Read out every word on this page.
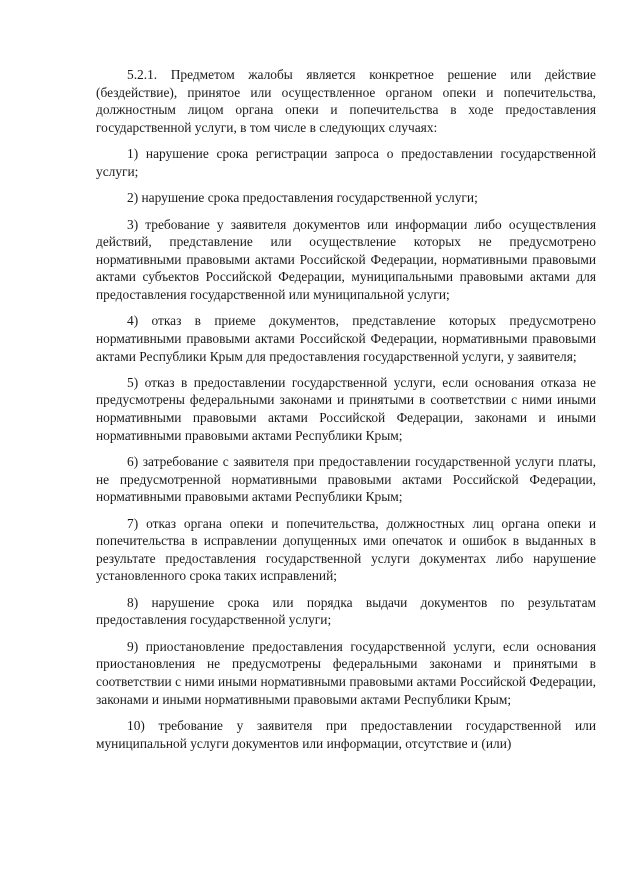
5.2.1. Предметом жалобы является конкретное решение или действие (бездействие), принятое или осуществленное органом опеки и попечительства, должностным лицом органа опеки и попечительства в ходе предоставления государственной услуги, в том числе в следующих случаях:

1) нарушение срока регистрации запроса о предоставлении государственной услуги;

2) нарушение срока предоставления государственной услуги;

3) требование у заявителя документов или информации либо осуществления действий, представление или осуществление которых не предусмотрено нормативными правовыми актами Российской Федерации, нормативными правовыми актами субъектов Российской Федерации, муниципальными правовыми актами для предоставления государственной или муниципальной услуги;

4) отказ в приеме документов, представление которых предусмотрено нормативными правовыми актами Российской Федерации, нормативными правовыми актами Республики Крым для предоставления государственной услуги, у заявителя;

5) отказ в предоставлении государственной услуги, если основания отказа не предусмотрены федеральными законами и принятыми в соответствии с ними иными нормативными правовыми актами Российской Федерации, законами и иными нормативными правовыми актами Республики Крым;

6) затребование с заявителя при предоставлении государственной услуги платы, не предусмотренной нормативными правовыми актами Российской Федерации, нормативными правовыми актами Республики Крым;

7) отказ органа опеки и попечительства, должностных лиц органа опеки и попечительства в исправлении допущенных ими опечаток и ошибок в выданных в результате предоставления государственной услуги документах либо нарушение установленного срока таких исправлений;

8) нарушение срока или порядка выдачи документов по результатам предоставления государственной услуги;

9) приостановление предоставления государственной услуги, если основания приостановления не предусмотрены федеральными законами и принятыми в соответствии с ними иными нормативными правовыми актами Российской Федерации, законами и иными нормативными правовыми актами Республики Крым;

10) требование у заявителя при предоставлении государственной или муниципальной услуги документов или информации, отсутствие и (или)
